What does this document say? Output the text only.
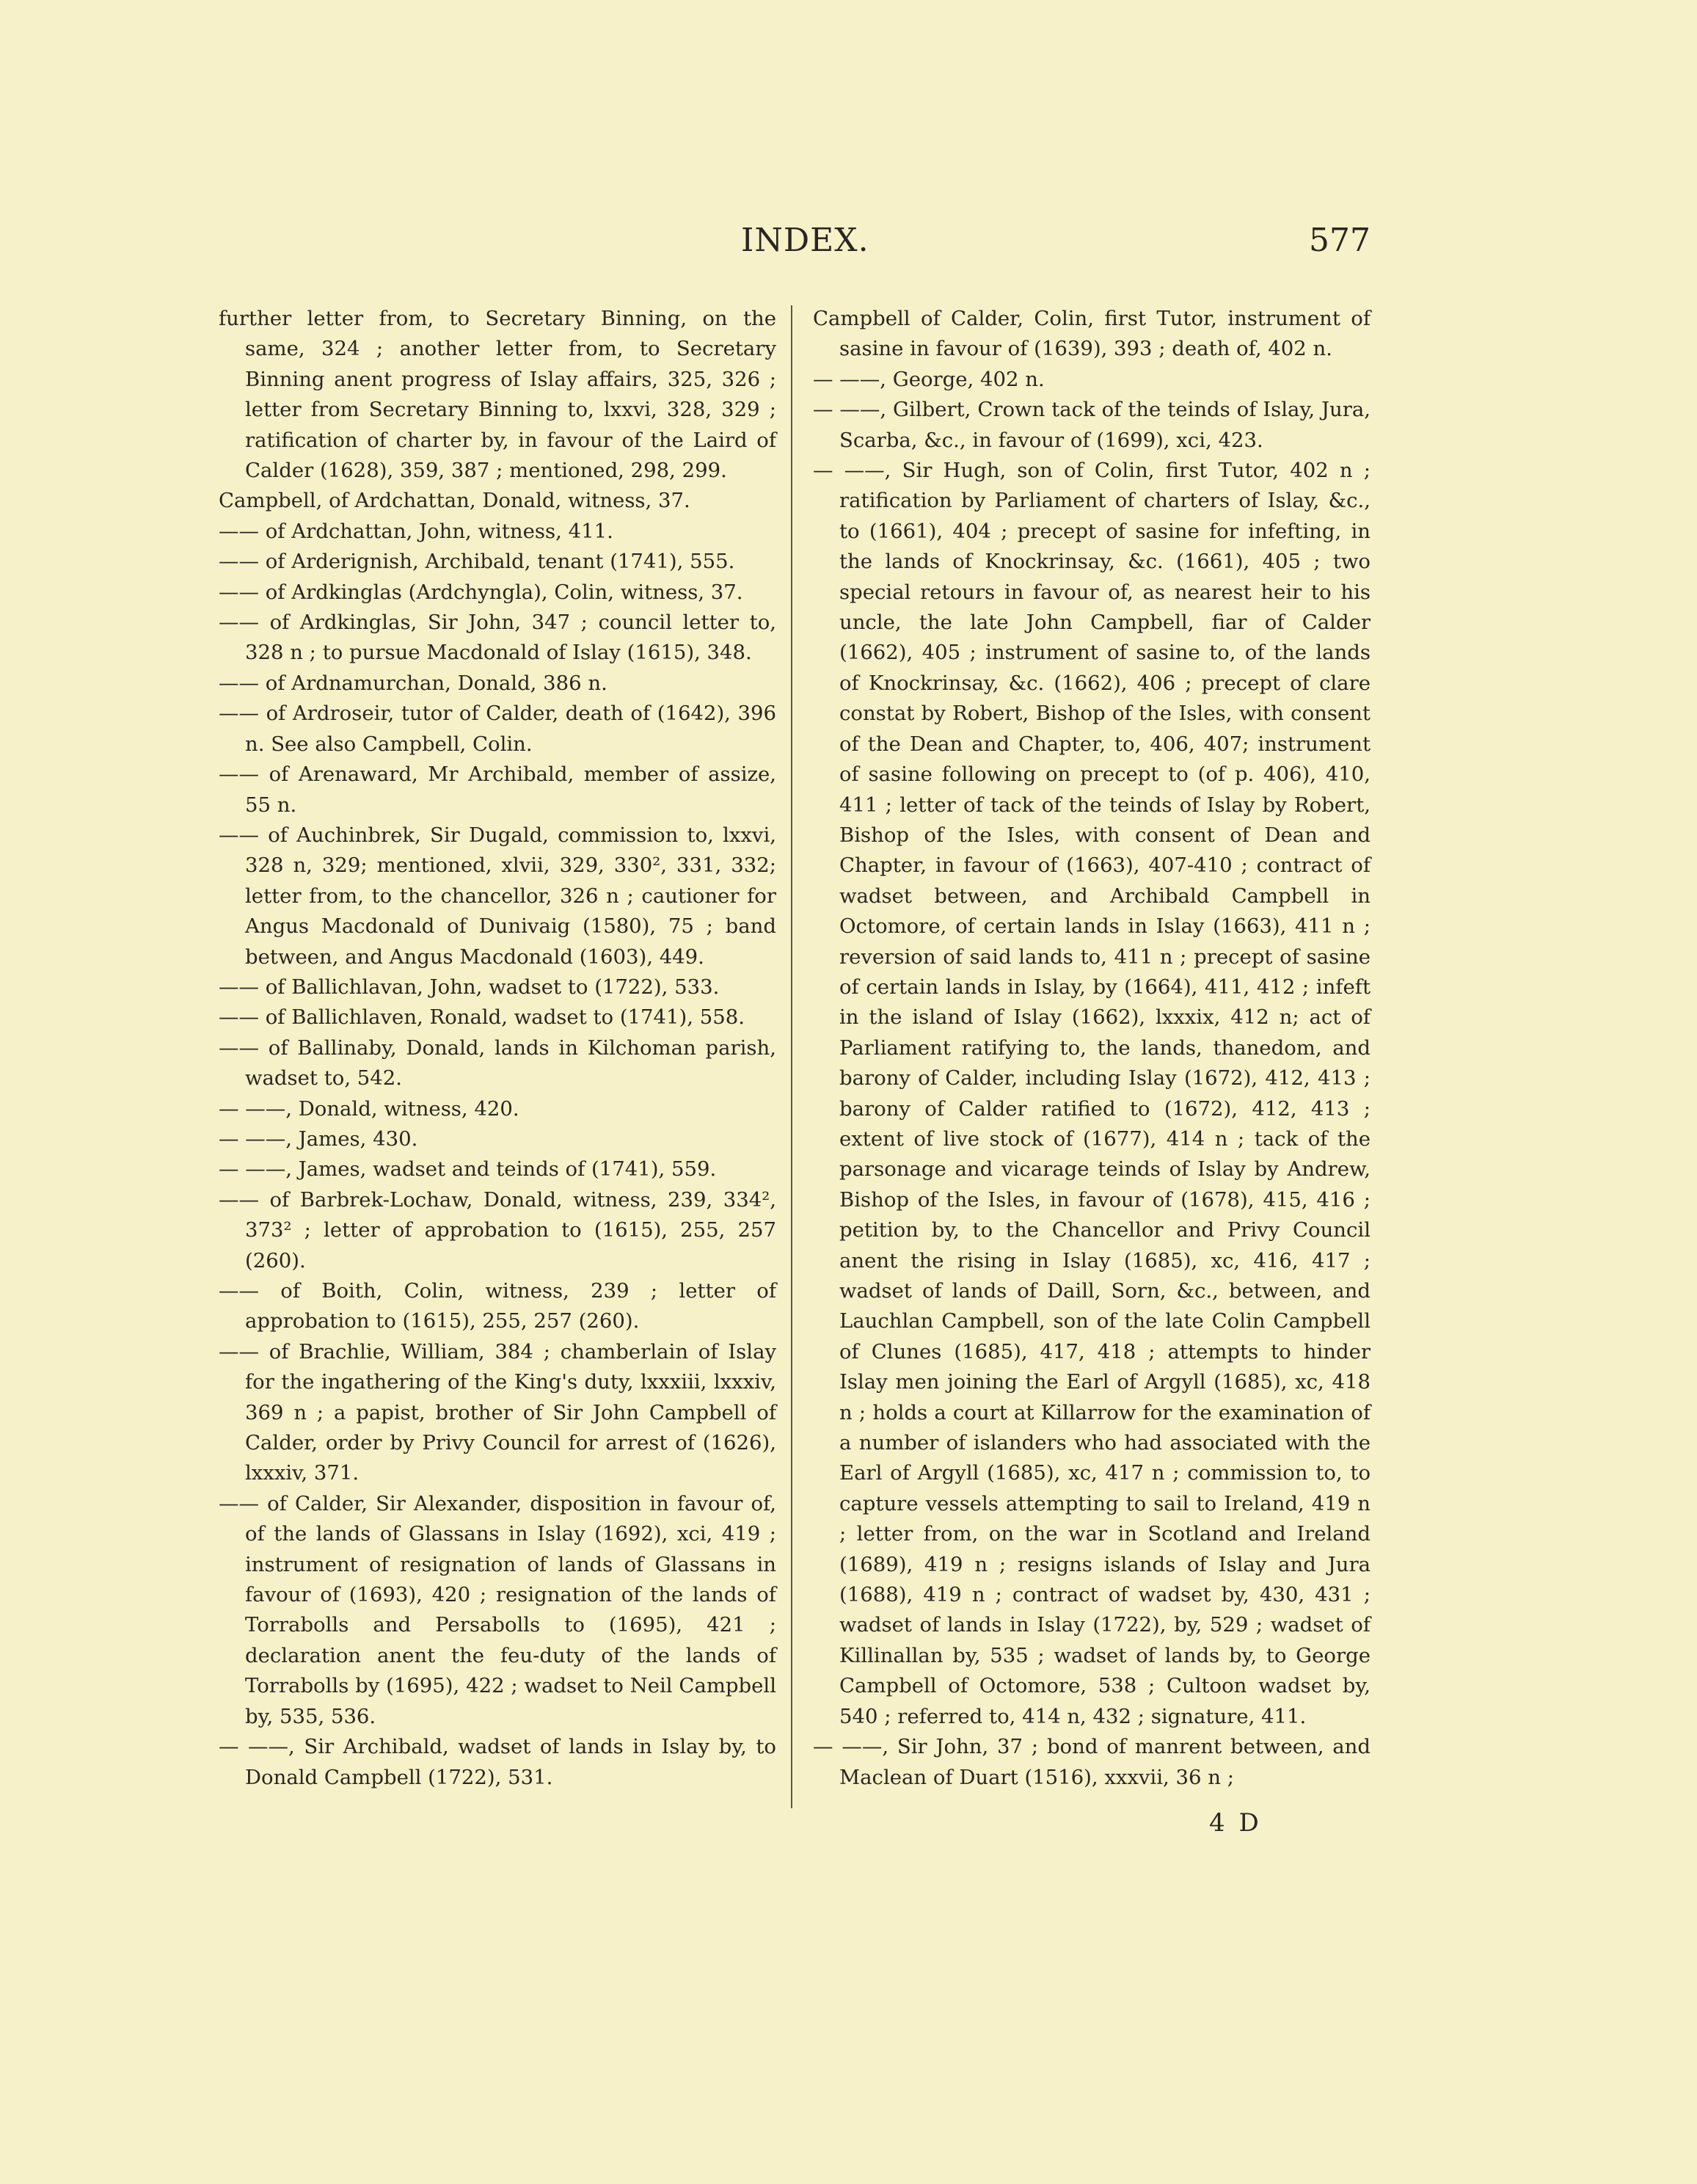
INDEX.	577

further letter from, to Secretary Binning, on the same, 324 ; another letter from, to Secretary Binning anent progress of Islay affairs, 325, 326 ; letter from Secretary Binning to, lxxvi, 328, 329 ; ratification of charter by, in favour of the Laird of Calder (1628), 359, 387 ; mentioned, 298, 299.

Campbell, of Ardchattan, Donald, witness, 37.

—— of Ardchattan, John, witness, 411.

—— of Arderignish, Archibald, tenant (1741), 555.

—— of Ardkinglas (Ardchyngla), Colin, witness, 37.

—— of Ardkinglas, Sir John, 347 ; council letter to, 328 n ; to pursue Macdonald of Islay (1615), 348.

—— of Ardnamurchan, Donald, 386 n.

—— of Ardroseir, tutor of Calder, death of (1642), 396 n. See also Campbell, Colin.

—— of Arenaward, Mr Archibald, member of assize, 55 n.

—— of Auchinbrek, Sir Dugald, commission to, lxxvi, 328 n, 329; mentioned, xlvii, 329, 330², 331, 332; letter from, to the chancellor, 326 n ; cautioner for Angus Macdonald of Dunivaig (1580), 75 ; band between, and Angus Macdonald (1603), 449.

—— of Ballichlavan, John, wadset to (1722), 533.

—— of Ballichlaven, Ronald, wadset to (1741), 558.

—— of Ballinaby, Donald, lands in Kilchoman parish, wadset to, 542.

— ——, Donald, witness, 420.

— ——, James, 430.

— ——, James, wadset and teinds of (1741), 559.

—— of Barbrek-Lochaw, Donald, witness, 239, 334², 373² ; letter of approbation to (1615), 255, 257 (260).

—— of Boith, Colin, witness, 239 ; letter of approbation to (1615), 255, 257 (260).

—— of Brachlie, William, 384 ; chamberlain of Islay for the ingathering of the King's duty, lxxxiii, lxxxiv, 369 n ; a papist, brother of Sir John Campbell of Calder, order by Privy Council for arrest of (1626), lxxxiv, 371.

—— of Calder, Sir Alexander, disposition in favour of, of the lands of Glassans in Islay (1692), xci, 419 ; instrument of resignation of lands of Glassans in favour of (1693), 420 ; resignation of the lands of Torrabolls and Persabolls to (1695), 421 ; declaration anent the feu-duty of the lands of Torrabolls by (1695), 422 ; wadset to Neil Campbell by, 535, 536.

— ——, Sir Archibald, wadset of lands in Islay by, to Donald Campbell (1722), 531.

Campbell of Calder, Colin, first Tutor, instrument of sasine in favour of (1639), 393 ; death of, 402 n.

— ——, George, 402 n.

— ——, Gilbert, Crown tack of the teinds of Islay, Jura, Scarba, &c., in favour of (1699), xci, 423.

— ——, Sir Hugh, son of Colin, first Tutor, 402 n ; ratification by Parliament of charters of Islay, &c., to (1661), 404 ; precept of sasine for infefting, in the lands of Knockrinsay, &c. (1661), 405 ; two special retours in favour of, as nearest heir to his uncle, the late John Campbell, fiar of Calder (1662), 405 ; instrument of sasine to, of the lands of Knockrinsay, &c. (1662), 406 ; precept of clare constat by Robert, Bishop of the Isles, with consent of the Dean and Chapter, to, 406, 407; instrument of sasine following on precept to (of p. 406), 410, 411 ; letter of tack of the teinds of Islay by Robert, Bishop of the Isles, with consent of Dean and Chapter, in favour of (1663), 407-410 ; contract of wadset between, and Archibald Campbell in Octomore, of certain lands in Islay (1663), 411 n ; reversion of said lands to, 411 n ; precept of sasine of certain lands in Islay, by (1664), 411, 412 ; infeft in the island of Islay (1662), lxxxix, 412 n; act of Parliament ratifying to, the lands, thanedom, and barony of Calder, including Islay (1672), 412, 413 ; barony of Calder ratified to (1672), 412, 413 ; extent of live stock of (1677), 414 n ; tack of the parsonage and vicarage teinds of Islay by Andrew, Bishop of the Isles, in favour of (1678), 415, 416 ; petition by, to the Chancellor and Privy Council anent the rising in Islay (1685), xc, 416, 417 ; wadset of lands of Daill, Sorn, &c., between, and Lauchlan Campbell, son of the late Colin Campbell of Clunes (1685), 417, 418 ; attempts to hinder Islay men joining the Earl of Argyll (1685), xc, 418 n ; holds a court at Killarrow for the examination of a number of islanders who had associated with the Earl of Argyll (1685), xc, 417 n ; commission to, to capture vessels attempting to sail to Ireland, 419 n ; letter from, on the war in Scotland and Ireland (1689), 419 n ; resigns islands of Islay and Jura (1688), 419 n ; contract of wadset by, 430, 431 ; wadset of lands in Islay (1722), by, 529 ; wadset of Killinallan by, 535 ; wadset of lands by, to George Campbell of Octomore, 538 ; Cultoon wadset by, 540 ; referred to, 414 n, 432 ; signature, 411.

— ——, Sir John, 37 ; bond of manrent between, and Maclean of Duart (1516), xxxvii, 36 n ;

4 D
